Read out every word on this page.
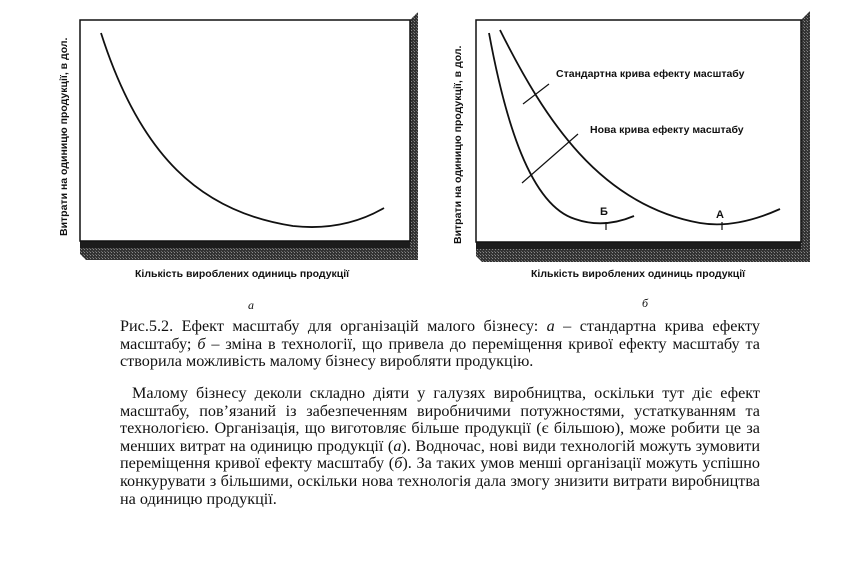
Витрати на одиницю продукції, в дол.
Кількість вироблених одиниць продукції
а
Стандартна крива ефекту масштабу
Нова крива ефекту масштабу
Б	А
Витрати на одиницю продукції, в дол.
Кількість вироблених одиниць продукції
б

Рис.5.2. Ефект масштабу для організацій малого бізнесу: а – стандартна крива ефекту масштабу; б – зміна в технології, що привела до переміщення кривої ефекту масштабу та створила можливість малому бізнесу виробляти продукцію.

Малому бізнесу деколи складно діяти у галузях виробництва, оскільки тут діє ефект масштабу, пов’язаний із забезпеченням виробничими потужностями, устаткуванням та технологією. Організація, що виготовляє більше продукції (є більшою), може робити це за менших витрат на одиницю продукції (а). Водночас, нові види технологій можуть зумовити переміщення кривої ефекту масштабу (б). За таких умов менші організації можуть успішно конкурувати з більшими, оскільки нова технологія дала змогу знизити витрати виробництва на одиницю продукції.
